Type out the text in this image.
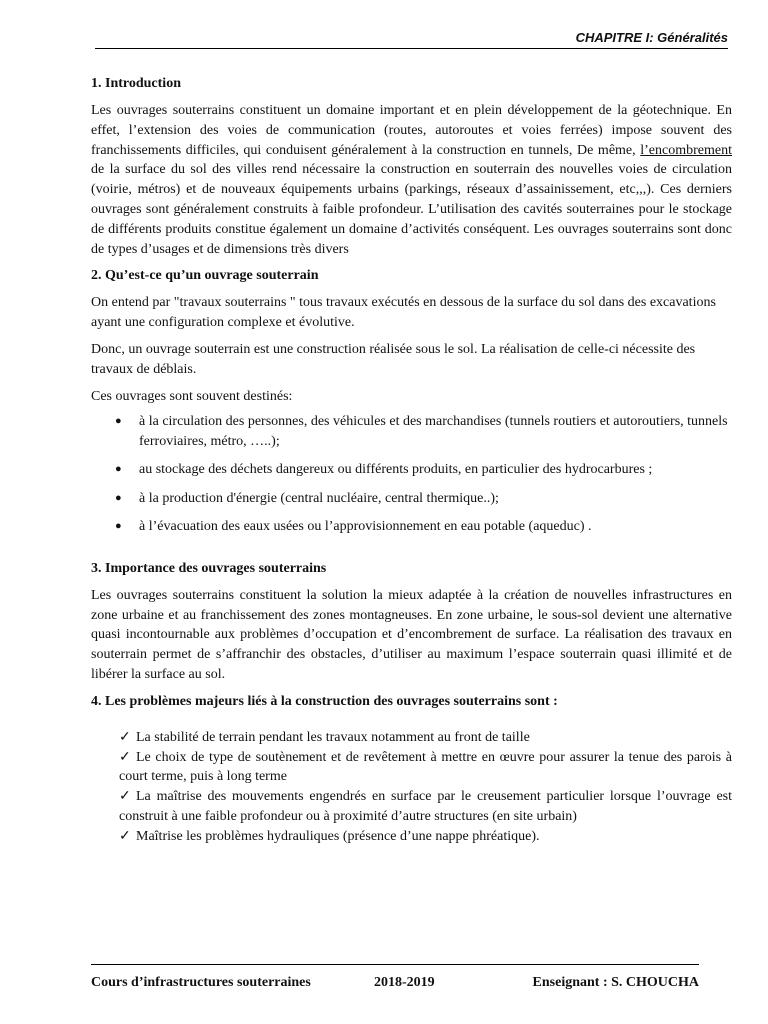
CHAPITRE I: Généralités
1. Introduction

Les ouvrages souterrains constituent un domaine important et en plein développement de la géotechnique. En effet, l’extension des voies de communication (routes, autoroutes et voies ferrées) impose souvent des franchissements difficiles, qui conduisent généralement à la construction en tunnels, De même, l’encombrement de la surface du sol des villes rend nécessaire la construction en souterrain des nouvelles voies de circulation (voirie, métros) et de nouveaux équipements urbains (parkings, réseaux d’assainissement, etc,,,). Ces derniers ouvrages sont généralement construits à faible profondeur. L’utilisation des cavités souterraines pour le stockage de différents produits constitue également un domaine d’activités conséquent. Les ouvrages souterrains sont donc de types d’usages et de dimensions très divers

2. Qu’est-ce qu’un ouvrage souterrain

On entend par "travaux souterrains " tous travaux exécutés en dessous de la surface du sol dans des excavations ayant une configuration complexe et évolutive.

Donc, un ouvrage souterrain est une construction réalisée sous le sol. La réalisation de celle-ci nécessite des travaux de déblais.

Ces ouvrages sont souvent destinés:

● à la circulation des personnes, des véhicules et des marchandises (tunnels routiers et autoroutiers, tunnels ferroviaires, métro, …..);
● au stockage des déchets dangereux ou différents produits, en particulier des hydrocarbures ;
● à la production d'énergie (central nucléaire, central thermique..);
● à l’évacuation des eaux usées ou l’approvisionnement en eau potable (aqueduc) .
3. Importance des ouvrages souterrains

Les ouvrages souterrains constituent la solution la mieux adaptée à la création de nouvelles infrastructures en zone urbaine et au franchissement des zones montagneuses. En zone urbaine, le sous-sol devient une alternative quasi incontournable aux problèmes d’occupation et d’encombrement de surface. La réalisation des travaux en souterrain permet de s’affranchir des obstacles, d’utiliser au maximum l’espace souterrain quasi illimité et de libérer la surface au sol.

4. Les problèmes majeurs liés à la construction des ouvrages souterrains sont :
✓ La stabilité de terrain pendant les travaux notamment au front de taille
✓ Le choix de type de soutènement et de revêtement à mettre en œuvre pour assurer la tenue des parois à court terme, puis à long terme
✓ La maîtrise des mouvements engendrés en surface par le creusement particulier lorsque l’ouvrage est construit à une faible profondeur ou à proximité d’autre structures (en site urbain)
✓ Maîtrise les problèmes hydrauliques (présence d’une nappe phréatique).
Cours d’infrastructures souterraines	2018-2019	Enseignant : S. CHOUCHA
